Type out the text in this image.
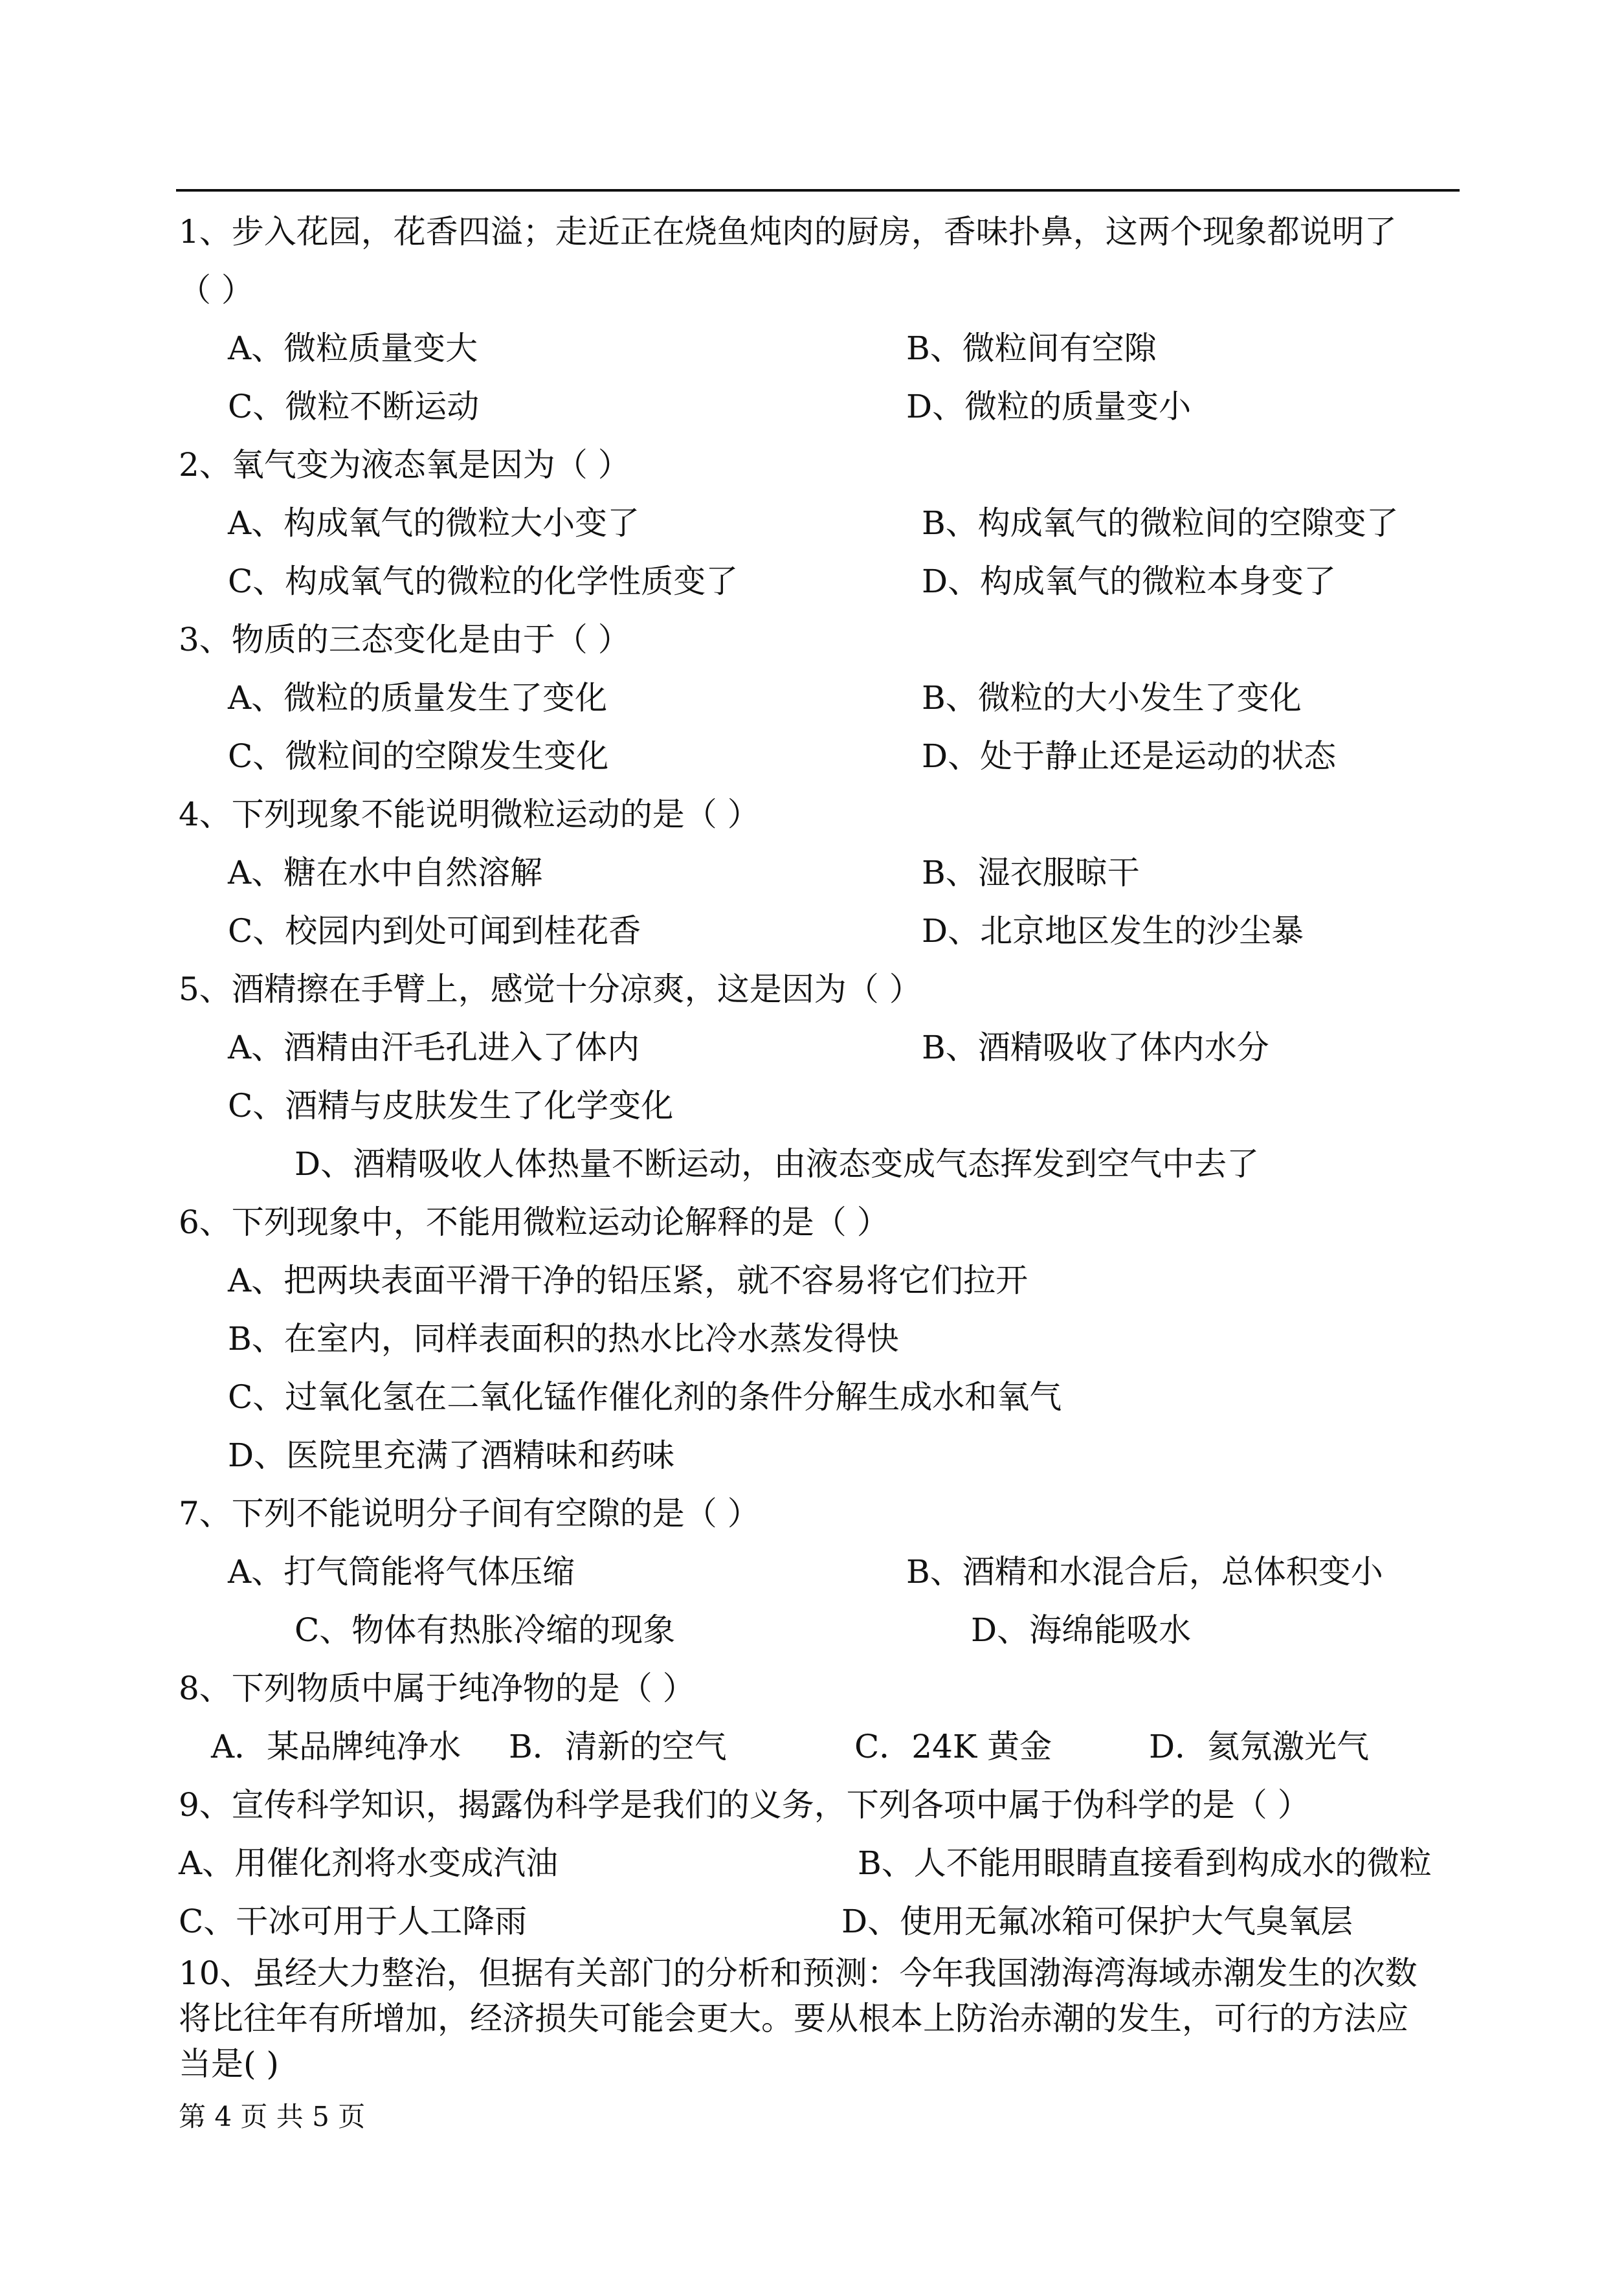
1、步入花园，花香四溢；走近正在烧鱼炖肉的厨房，香味扑鼻，这两个现象都说明了
（ ）
A、微粒质量变大	B、微粒间有空隙
C、微粒不断运动	D、微粒的质量变小
2、氧气变为液态氧是因为（ ）
A、构成氧气的微粒大小变了	B、构成氧气的微粒间的空隙变了
C、构成氧气的微粒的化学性质变了	D、构成氧气的微粒本身变了
3、物质的三态变化是由于（ ）
A、微粒的质量发生了变化	B、微粒的大小发生了变化
C、微粒间的空隙发生变化	D、处于静止还是运动的状态
4、下列现象不能说明微粒运动的是（ ）
A、糖在水中自然溶解	B、湿衣服晾干
C、校园内到处可闻到桂花香	D、北京地区发生的沙尘暴
5、酒精擦在手臂上，感觉十分凉爽，这是因为（ ）
A、酒精由汗毛孔进入了体内	B、酒精吸收了体内水分
C、酒精与皮肤发生了化学变化
D、酒精吸收人体热量不断运动，由液态变成气态挥发到空气中去了
6、下列现象中，不能用微粒运动论解释的是（ ）
A、把两块表面平滑干净的铅压紧，就不容易将它们拉开
B、在室内，同样表面积的热水比冷水蒸发得快
C、过氧化氢在二氧化锰作催化剂的条件分解生成水和氧气
D、医院里充满了酒精味和药味
7、下列不能说明分子间有空隙的是（ ）
A、打气筒能将气体压缩	B、酒精和水混合后，总体积变小
C、物体有热胀冷缩的现象	D、海绵能吸水
8、下列物质中属于纯净物的是（ ）
A．某品牌纯净水 B．清新的空气	C．24K 黄金	D．氦氖激光气
9、宣传科学知识，揭露伪科学是我们的义务，下列各项中属于伪科学的是（ ）
A、用催化剂将水变成汽油	B、人不能用眼睛直接看到构成水的微粒
C、干冰可用于人工降雨	D、使用无氟冰箱可保护大气臭氧层
10、虽经大力整治，但据有关部门的分析和预测：今年我国渤海湾海域赤潮发生的次数
将比往年有所增加，经济损失可能会更大。要从根本上防治赤潮的发生，可行的方法应
当是( )
第 4 页 共 5 页
